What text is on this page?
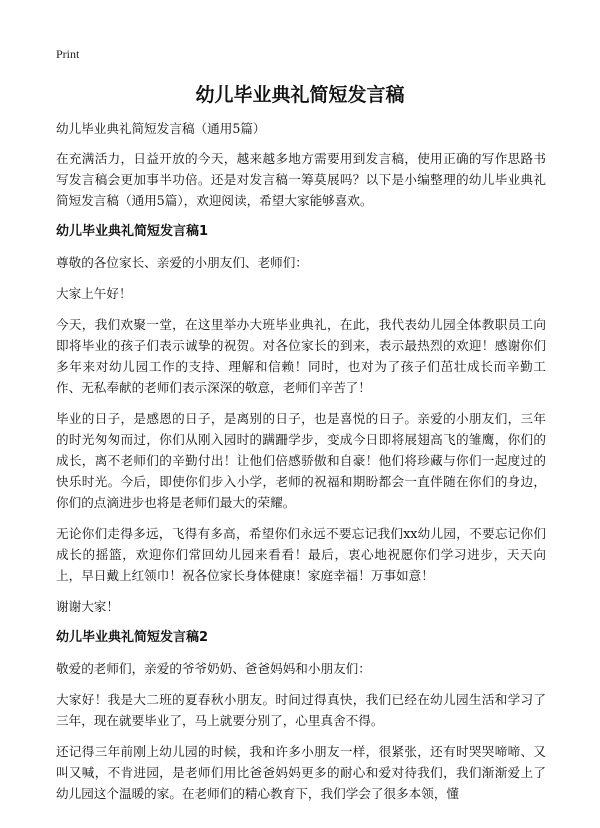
Print
幼儿毕业典礼简短发言稿

幼儿毕业典礼简短发言稿（通用5篇）

在充满活力，日益开放的今天，越来越多地方需要用到发言稿，使用正确的写作思路书写发言稿会更加事半功倍。还是对发言稿一筹莫展吗？以下是小编整理的幼儿毕业典礼简短发言稿（通用5篇），欢迎阅读，希望大家能够喜欢。

幼儿毕业典礼简短发言稿1

尊敬的各位家长、亲爱的小朋友们、老师们：

大家上午好！

今天，我们欢聚一堂，在这里举办大班毕业典礼，在此，我代表幼儿园全体教职员工向即将毕业的孩子们表示诚挚的祝贺。对各位家长的到来，表示最热烈的欢迎！感谢你们多年来对幼儿园工作的支持、理解和信赖！同时，也对为了孩子们茁壮成长而辛勤工作、无私奉献的老师们表示深深的敬意，老师们辛苦了！

毕业的日子，是感恩的日子，是离别的日子，也是喜悦的日子。亲爱的小朋友们，三年的时光匆匆而过，你们从刚入园时的蹒跚学步，变成今日即将展翅高飞的雏鹰，你们的成长，离不老师们的辛勤付出！让他们倍感骄傲和自豪！他们将珍藏与你们一起度过的快乐时光。今后，即使你们步入小学，老师的祝福和期盼都会一直伴随在你们的身边，你们的点滴进步也将是老师们最大的荣耀。

无论你们走得多远，飞得有多高，希望你们永远不要忘记我们xx幼儿园，不要忘记你们成长的摇篮，欢迎你们常回幼儿园来看看！最后，衷心地祝愿你们学习进步，天天向上，早日戴上红领巾！祝各位家长身体健康！家庭幸福！万事如意！

谢谢大家！

幼儿毕业典礼简短发言稿2

敬爱的老师们，亲爱的爷爷奶奶、爸爸妈妈和小朋友们：

大家好！我是大二班的夏春秋小朋友。时间过得真快，我们已经在幼儿园生活和学习了三年，现在就要毕业了，马上就要分别了，心里真舍不得。

还记得三年前刚上幼儿园的时候，我和许多小朋友一样，很紧张，还有时哭哭啼啼、又叫又喊，不肯进园，是老师们用比爸爸妈妈更多的耐心和爱对待我们，我们渐渐爱上了幼儿园这个温暖的家。在老师们的精心教育下，我们学会了很多本领，懂
